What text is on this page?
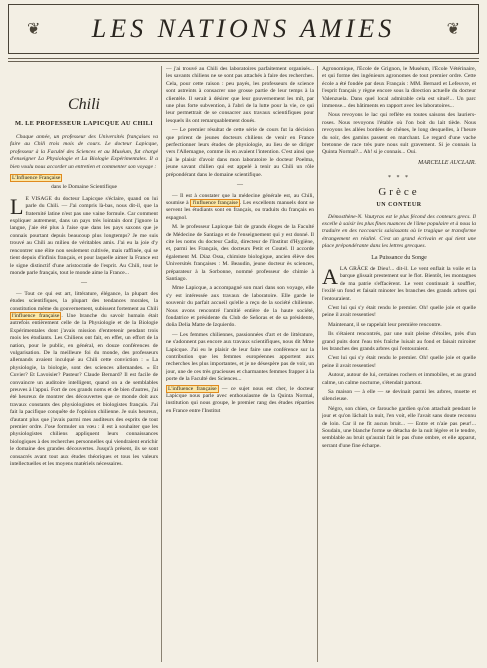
❦ LES NATIONS AMIES	❦
Chili
M. LE PROFESSEUR LAPICQUE AU CHILI

Chaque année, un professeur des Universités françaises va faire au Chili trois mois de cours. Le docteur Lapicque, professeur à la Faculté des Sciences et au Muséum, fut chargé d'enseigner La Physiologie et La Biologie Expérimentales. Il a bien voulu nous accorder un entretien et commenter son voyage :

L'Influence Française

dans le Domaine Scientifique

L E VISAGE du docteur Lapicque s'éclaire, quand on lui parle du Chili. — J'ai compris là-bas, nous dit-il, que la fraternité latine n'est pas une vaine formule. Car comment expliquer autrement, dans un pays très lointain dont j'ignore la langue, j'aie été plus à l'aise que dans les pays saxons que je connais pourtant depuis beaucoup plus longtemps? Je me suis trouvé au Chili au milieu de véritables amis. J'ai eu la joie d'y rencontrer une élite non seulement cultivée, mais raffinée, qui se tient depuis d'infinis français, et pour laquelle aimer la France est le signe distinctif d'une aristocratie de l'esprit. Au Chili, tout le monde parle français, tout le monde aime la France...

—

— Tout ce qui est art, littérature, élégance, la plupart des études scientifiques, la plupart des tendances morales, la constitution même du gouvernement, subissent fortement au Chili l'influence française . Une branche du savoir humain était autrefois entièrement celle de la Physiologie et de la Biologie Expérimentales dont j'avais mission d'entretenir pendant trois mois les étudiants. Les Chiliens ont fait, en effet, un effort de la nation, pour le public, en général, en douze conférences de vulgarisation. De la meilleure foi du monde, des professeurs allemands avaient inculqué au Chili cette conviction : « La physiologie, la biologie, sont des sciences allemandes. » Et Cuvier? Et Lavoisier? Pasteur? Claude Bernard? Il est facile de convaincre un auditoire intelligent, quand on a de semblables preuves à l'appui. Fort de ces grands noms et de bien d'autres, j'ai été heureux de montrer des découvertes que ce monde doit aux travaux constants des physiologistes et biologistes français. J'ai fait la pacifique conquête de l'opinion chilienne. Je suis heureux, d'autant plus que j'avais parmi mes auditeurs des esprits de tout premier ordre. J'ose formuler un vœu : il est à souhaiter que les physiologistes chiliens appliquent leurs connaissances biologiques à des recherches personnelles qui viendraient enrichir le domaine des grandes découvertes. Jusqu'à présent, ils se sont consacrés avant tout aux études théoriques et tous les valeurs intellectuelles et les moyens matériels nécessaires.

— j'ai trouvé au Chili des laboratoires parfaitement organisés... les savants chiliens ne se sont pas attachés à faire des recherches. Cela, pour cette raison : peu payés, les professeurs de science sont astreints à consacrer une grosse partie de leur temps à la clientèle. Il serait à désirer que leur gouvernement les mît, par une plus forte subvention, à l'abri de la lutte pour la vie, ce qui leur permettrait de se consacrer aux travaux scientifiques pour lesquels ils ont remarquablement doués.

— Le premier résultat de cette série de cours fut la décision que prirent de jeunes docteurs chiliens de venir en France perfectionner leurs études de physiologie, au lieu de se diriger vers l'Allemagne, comme ils en avaient l'intention. C'est ainsi que j'ai le plaisir d'avoir dans mon laboratoire le docteur Poelma, jeune savant chilien qui est appelé à tenir au Chili un rôle prépondérant dans le domaine scientifique.

—

— Il est à constater que la médecine générale est, au Chili, soumise à l'influence française . Les excellents manuels dont se servent les étudiants sont en français, ou traduits du français en espagnol.

M. le professeur Lapicque fait de grands éloges de la Faculté de Médecine de Santiago et de l'enseignement qui y est donné. Il cite les noms du docteur Cadiz, directeur de l'Institut d'Hygiène, et, parmi les Français, des docteurs Petit et Coutel. Il accorde également M. Díaz Ossa, chimiste biologique, ancien élève des Universités françaises : M. Beaudin, jeune docteur ès sciences, préparateur à la Sorbonne, nommé professeur de chimie à Santiago.

Mme Lapicque, a accompagné son mari dans son voyage, elle s'y est intéressée aux travaux de laboratoire. Elle garde le souvenir du parfait accueil qu'elle a reçu de la société chilienne. Nous avons rencontré l'amitié entière de la haute société, fondatrice et présidente du Club de Señoras et de sa présidente, doña Delia Matte de Izquierdo.

— Les femmes chiliennes, passionnées d'art et de littérature, ne s'adonnent pas encore aux travaux scientifiques, nous dit Mme Lapicque. J'ai eu le plaisir de leur faire une conférence sur la contribution que les femmes européennes apportent aux recherches les plus importantes, et je ne désespère pas de voir, un jour, une de ces très gracieuses et charmantes femmes frapper à la porte de la Faculté des Sciences...

L'influence française — ce sujet nous est cher, le docteur Lapicque nous parle avec enthousiasme de la Quinta Normal, institution qui nous groupe, le premier rang des études réparties en France entre l'Institut

Agronomique, l'École de Grignon, le Muséum, l'École Vétérinaire, et qui forme des ingénieurs agronomes de tout premier ordre. Cette école a été fondée par deux Français : MM. Bernard et Lefeuvre, et l'esprit français y règne encore sous la direction actuelle du docteur Valenzuela. Dans quel local admirable cela est situé!... Un parc immense... des bâtiments en rapport avec les laboratoires...

Nous revoyons le lac qui reflète en toutes saisons des lauriers-roses. Nous revoyons l'étable où l'on boit du lait tiède. Nous revoyons les allées bordées de chênes, le long desquelles, à l'heure du soir, des gamins passent en marchant. Le regard d'une vache bretonne de race très pure nous suit gravement. Si je connais la Quinta Normal?... Ah! si je connais... Oui.

MARCELLE AUCLAIR.
* * *
Grèce
UN CONTEUR

Démosthène-N. Vautyras est le plus fécond des conteurs grecs. Il excelle à saisir les plus fines nuances de l'âme populaire et à nous la traduire en des raccourcis saisissants où le tragique se transforme étrangement en réalité. C'est un grand écrivain et qui tient une place prépondérante dans les lettres grecques.

La Puissance du Songe

ALA GRÂCE de Dieu!... dit-il. Le vent enflait la voile et la barque glissait prestement sur le flot. Bientôt, les montagnes de ma patrie s'effacèrent. Le vent continuait à souffler, l'exilé un fond et faisait minoter les branches des grands arbres qui l'entouraient.

C'est lui qui s'y était rendu le premier. Oh! quelle joie et quelle peine il avait ressenties!

Maintenant, il se rappelait leur première rencontre.

Ils s'étaient rencontrés, par une nuit pleine d'étoiles, près d'un grand puits dont l'eau très fraîche luisait au fond et faisait miroiter les branches des grands arbres qui l'entouraient.

C'est lui qui s'y était rendu le premier. Oh! quelle joie et quelle peine il avait ressenties!

Autour, autour de lui, certaines rochers et immobiles, et au grand calme, un calme nocturne, s'étendait partout.

Sa maison — à elle — se devinait parmi les arbres, muette et silencieuse.

Négro, son chien, ce farouche gardien qu'on attachait pendant le jour et qu'on lâchait la nuit, l'en voit, elle l'avait sans doute reconnu de loin. Car il ne fit aucun bruit... — Entre et n'aie pas peur!... Soudain, une blanche forme se détacha de la nuit légère et le tendre, semblable au bruit qu'aurait fait le pas d'une ombre, et elle apparut, serrant d'une fine écharpe.
